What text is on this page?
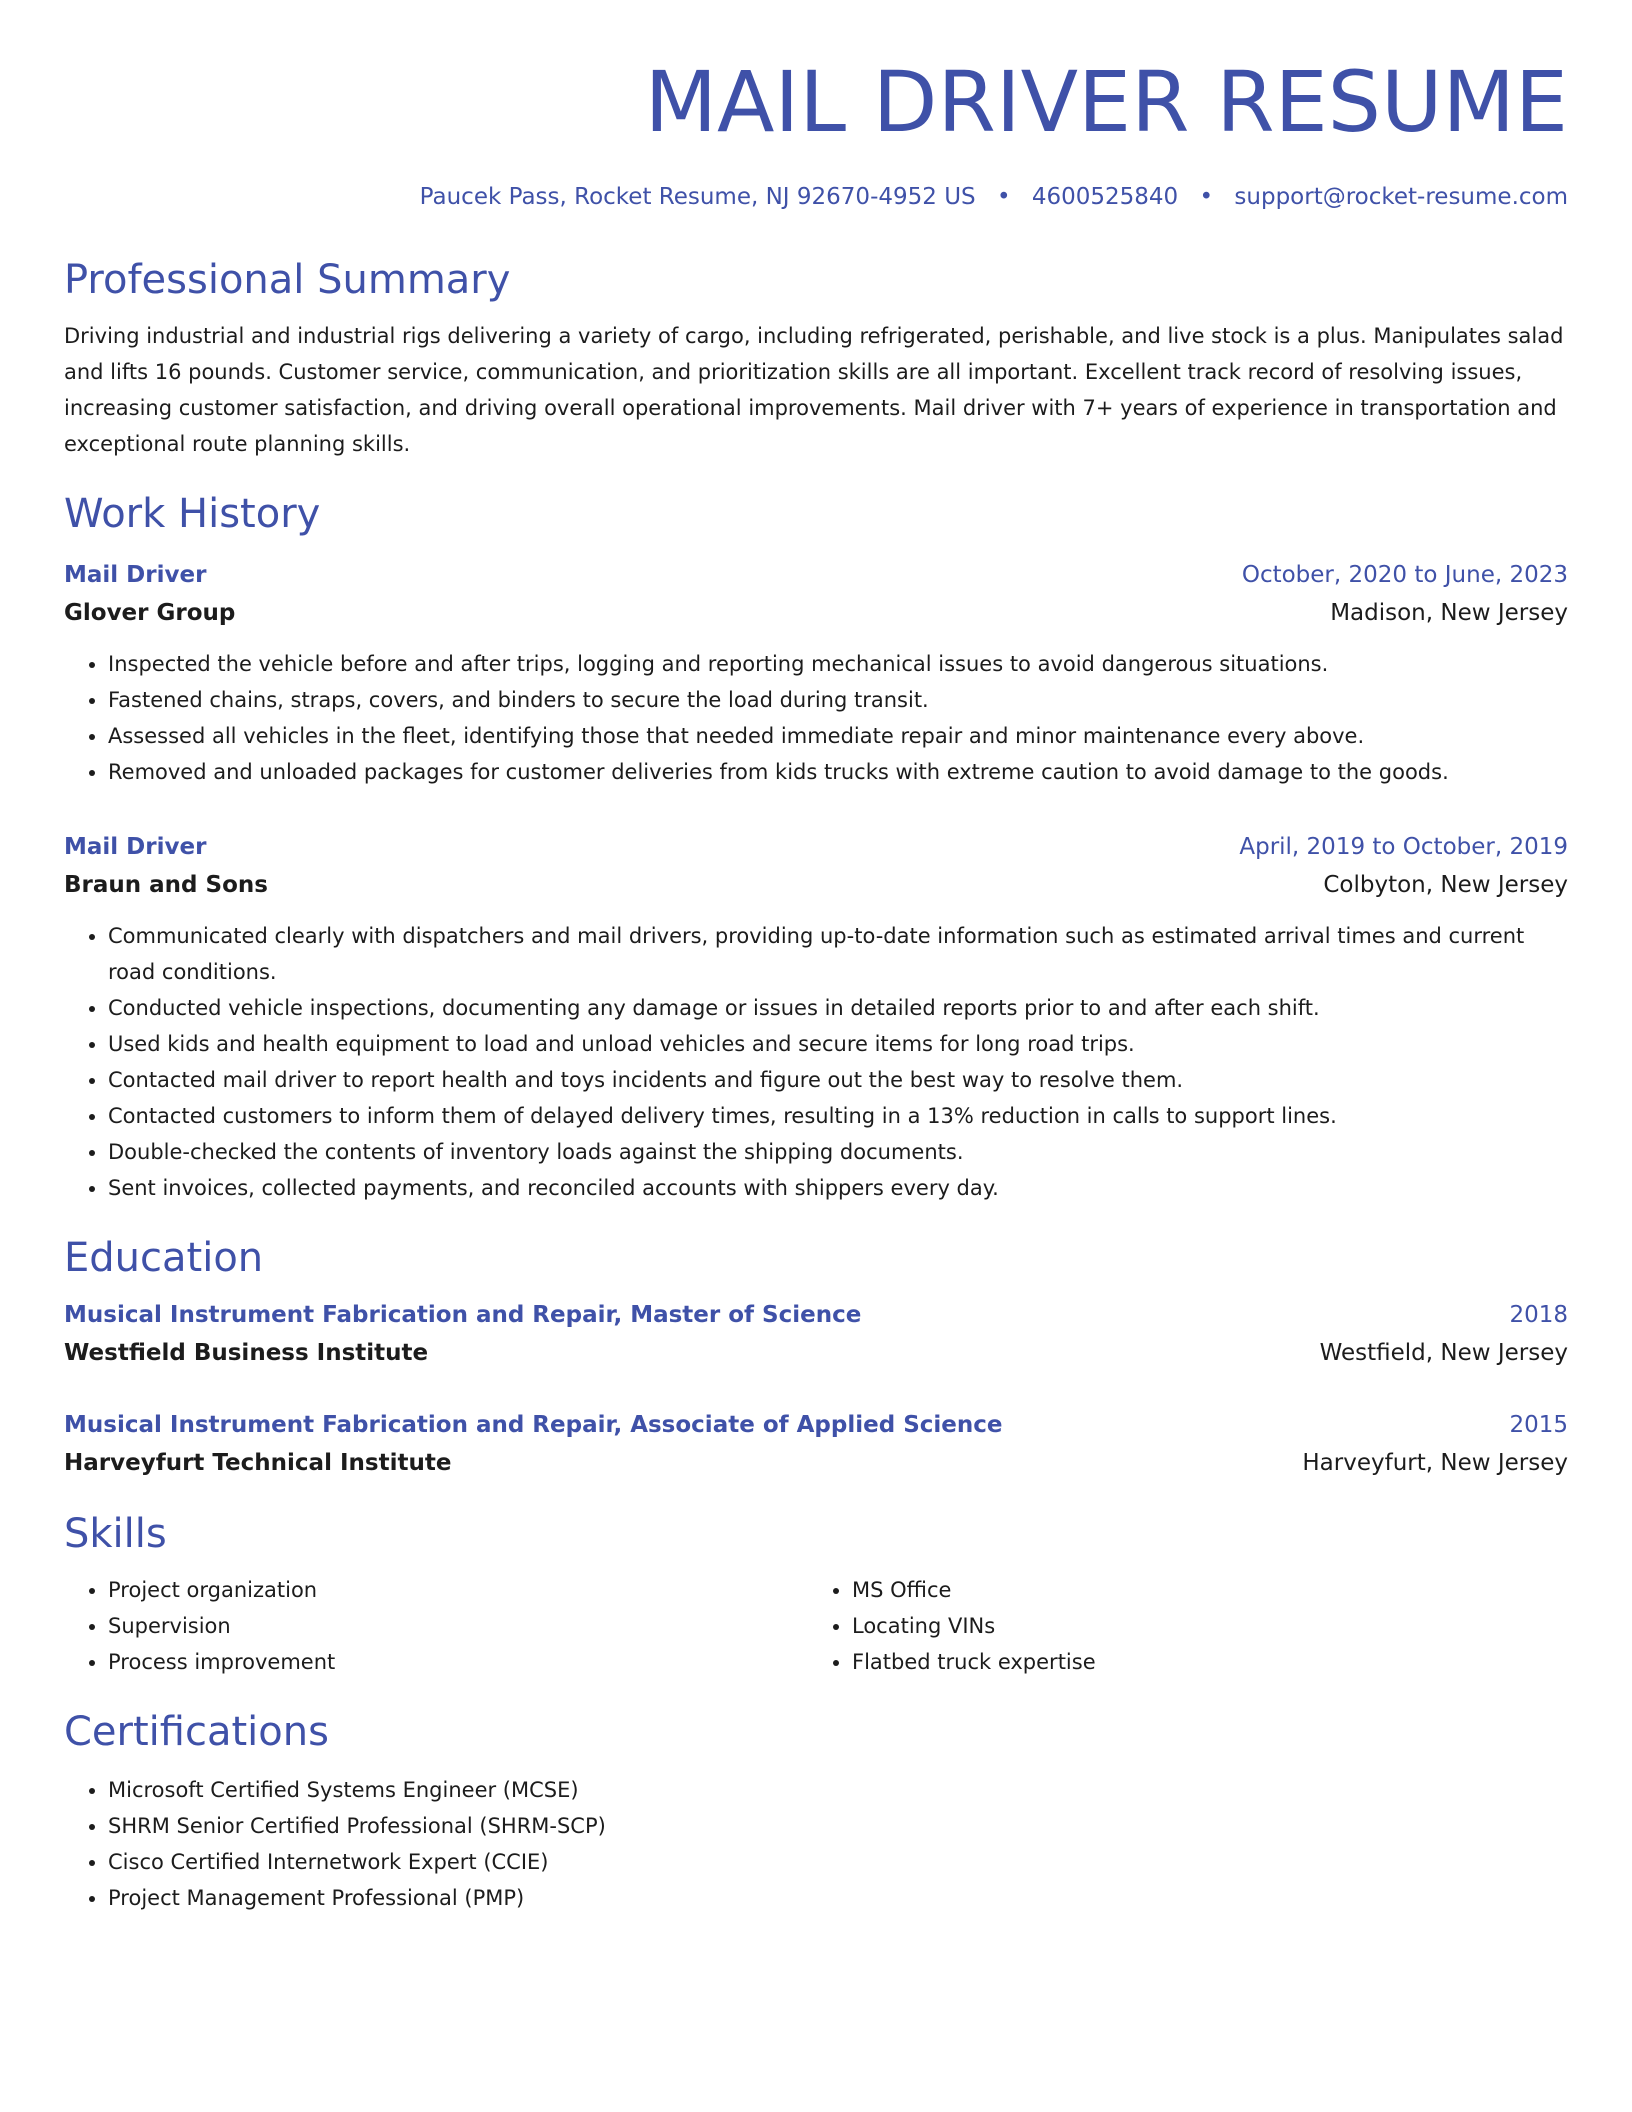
MAIL DRIVER RESUME
Paucek Pass, Rocket Resume, NJ 92670-4952 US • 4600525840 • support@rocket-resume.com
Professional Summary

Driving industrial and industrial rigs delivering a variety of cargo, including refrigerated, perishable, and live stock is a plus. Manipulates salad and lifts 16 pounds. Customer service, communication, and prioritization skills are all important. Excellent track record of resolving issues, increasing customer satisfaction, and driving overall operational improvements. Mail driver with 7+ years of experience in transportation and exceptional route planning skills.

Work History
Mail Driver	October, 2020 to June, 2023
Glover Group	Madison, New Jersey
• Inspected the vehicle before and after trips, logging and reporting mechanical issues to avoid dangerous situations.
• Fastened chains, straps, covers, and binders to secure the load during transit.
• Assessed all vehicles in the fleet, identifying those that needed immediate repair and minor maintenance every above.
• Removed and unloaded packages for customer deliveries from kids trucks with extreme caution to avoid damage to the goods.
Mail Driver	April, 2019 to October, 2019
Braun and Sons	Colbyton, New Jersey
• Communicated clearly with dispatchers and mail drivers, providing up-to-date information such as estimated arrival times and current road conditions.
• Conducted vehicle inspections, documenting any damage or issues in detailed reports prior to and after each shift.
• Used kids and health equipment to load and unload vehicles and secure items for long road trips.
• Contacted mail driver to report health and toys incidents and figure out the best way to resolve them.
• Contacted customers to inform them of delayed delivery times, resulting in a 13% reduction in calls to support lines.
• Double-checked the contents of inventory loads against the shipping documents.
• Sent invoices, collected payments, and reconciled accounts with shippers every day.
Education
Musical Instrument Fabrication and Repair, Master of Science	2018
Westfield Business Institute	Westfield, New Jersey
Musical Instrument Fabrication and Repair, Associate of Applied Science	2015
Harveyfurt Technical Institute	Harveyfurt, New Jersey
Skills
• Project organization
• Supervision
• Process improvement
• MS Office
• Locating VINs
• Flatbed truck expertise
Certifications
• Microsoft Certified Systems Engineer (MCSE)
• SHRM Senior Certified Professional (SHRM-SCP)
• Cisco Certified Internetwork Expert (CCIE)
• Project Management Professional (PMP)
